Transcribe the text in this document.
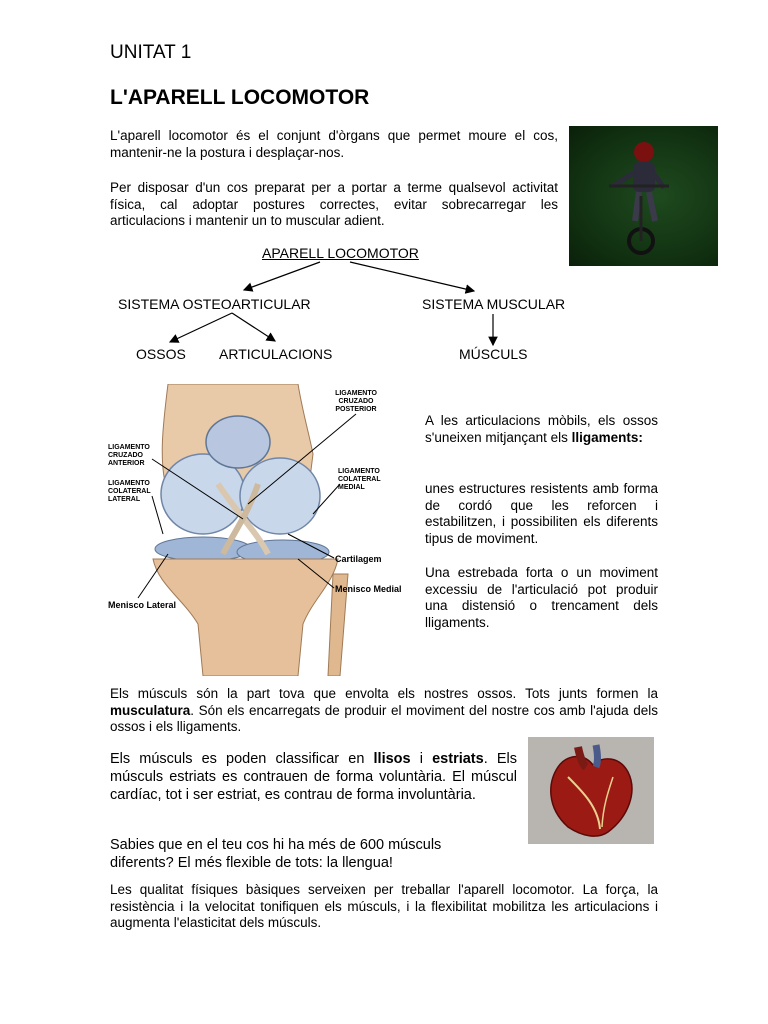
UNITAT 1
L'APARELL LOCOMOTOR
L'aparell locomotor és el conjunt d'òrgans que permet moure el cos, mantenir-ne la postura i desplaçar-nos.
Per disposar d'un cos preparat per a portar a terme qualsevol activitat física, cal adoptar postures correctes, evitar sobrecarregar les articulacions i mantenir un to muscular adient.
APARELL LOCOMOTOR
SISTEMA OSTEOARTICULAR	SISTEMA MUSCULAR
OSSOS ARTICULACIONS	MÚSCULS
LIGAMENTO CRUZADO POSTERIOR
LIGAMENTO CRUZADO ANTERIOR
LIGAMENTO COLATERAL LATERAL
LIGAMENTO COLATERAL MEDIAL
Cartilagem
Menisco Medial
Menisco Lateral
A les articulacions mòbils, els ossos s'uneixen mitjançant els lligaments:
unes estructures resistents amb forma de cordó que les reforcen i estabilitzen, i possibiliten els diferents tipus de moviment.
Una estrebada forta o un moviment excessiu de l'articulació pot produir una distensió o trencament dels lligaments.
Els músculs són la part tova que envolta els nostres ossos. Tots junts formen la musculatura. Són els encarregats de produir el moviment del nostre cos amb l'ajuda dels ossos i els lligaments.
Els músculs es poden classificar en llisos i estriats. Els músculs estriats es contrauen de forma voluntària. El múscul cardíac, tot i ser estriat, es contrau de forma involuntària.
Sabies que en el teu cos hi ha més de 600 músculs diferents? El més flexible de tots: la llengua!
Les qualitat físiques bàsiques serveixen per treballar l'aparell locomotor. La força, la resistència i la velocitat tonifiquen els músculs, i la flexibilitat mobilitza les articulacions i augmenta l'elasticitat dels músculs.
